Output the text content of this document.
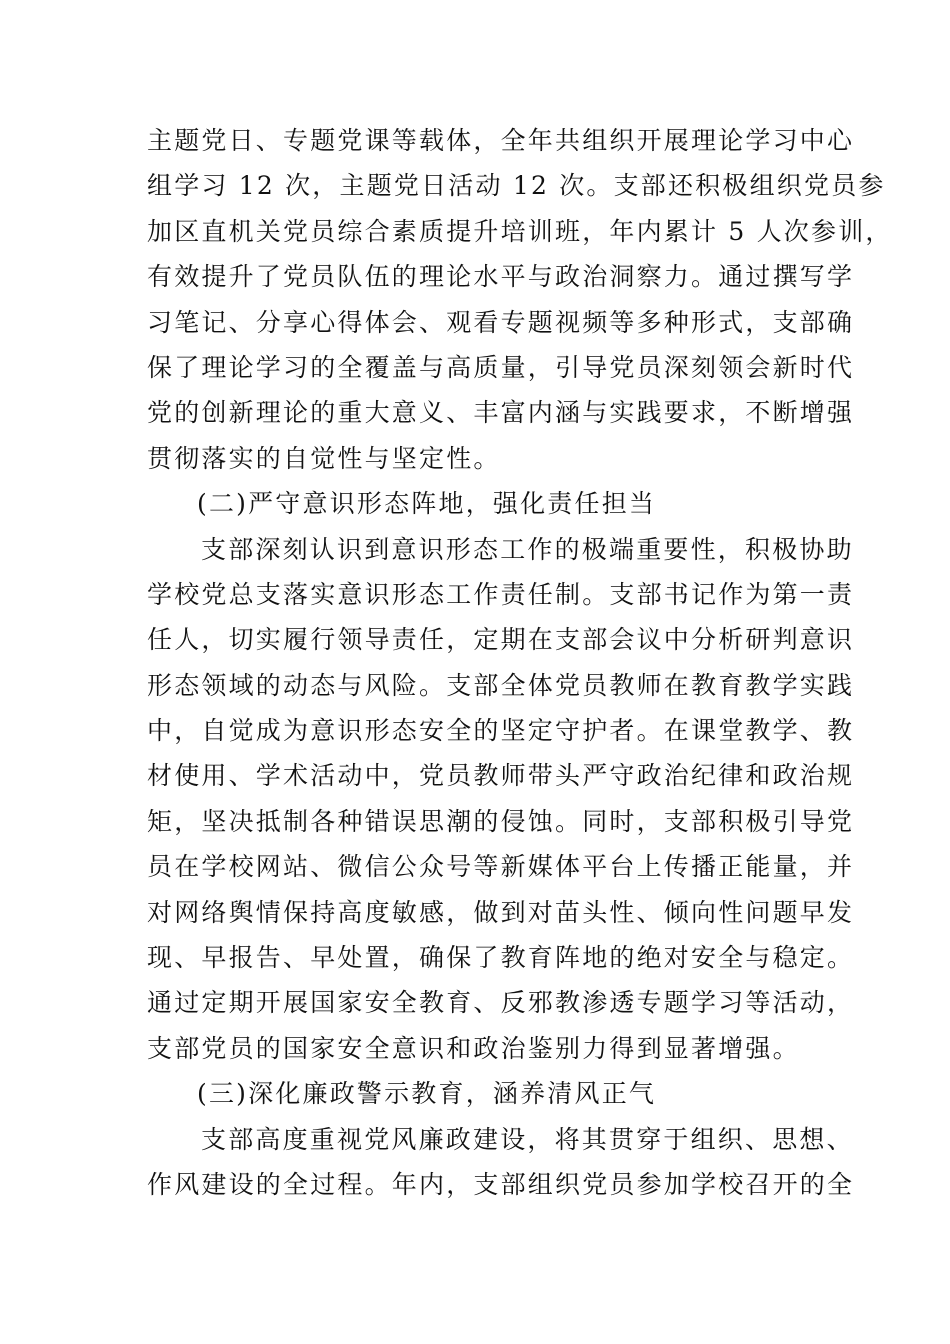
主题党日、专题党课等载体，全年共组织开展理论学习中心
组学习 12 次，主题党日活动 12 次。支部还积极组织党员参
加区直机关党员综合素质提升培训班，年内累计 5 人次参训，
有效提升了党员队伍的理论水平与政治洞察力。通过撰写学
习笔记、分享心得体会、观看专题视频等多种形式，支部确
保了理论学习的全覆盖与高质量，引导党员深刻领会新时代
党的创新理论的重大意义、丰富内涵与实践要求，不断增强
贯彻落实的自觉性与坚定性。
(二)严守意识形态阵地，强化责任担当
支部深刻认识到意识形态工作的极端重要性，积极协助
学校党总支落实意识形态工作责任制。支部书记作为第一责
任人，切实履行领导责任，定期在支部会议中分析研判意识
形态领域的动态与风险。支部全体党员教师在教育教学实践
中，自觉成为意识形态安全的坚定守护者。在课堂教学、教
材使用、学术活动中，党员教师带头严守政治纪律和政治规
矩，坚决抵制各种错误思潮的侵蚀。同时，支部积极引导党
员在学校网站、微信公众号等新媒体平台上传播正能量，并
对网络舆情保持高度敏感，做到对苗头性、倾向性问题早发
现、早报告、早处置，确保了教育阵地的绝对安全与稳定。
通过定期开展国家安全教育、反邪教渗透专题学习等活动，
支部党员的国家安全意识和政治鉴别力得到显著增强。
(三)深化廉政警示教育，涵养清风正气
支部高度重视党风廉政建设，将其贯穿于组织、思想、
作风建设的全过程。年内，支部组织党员参加学校召开的全
